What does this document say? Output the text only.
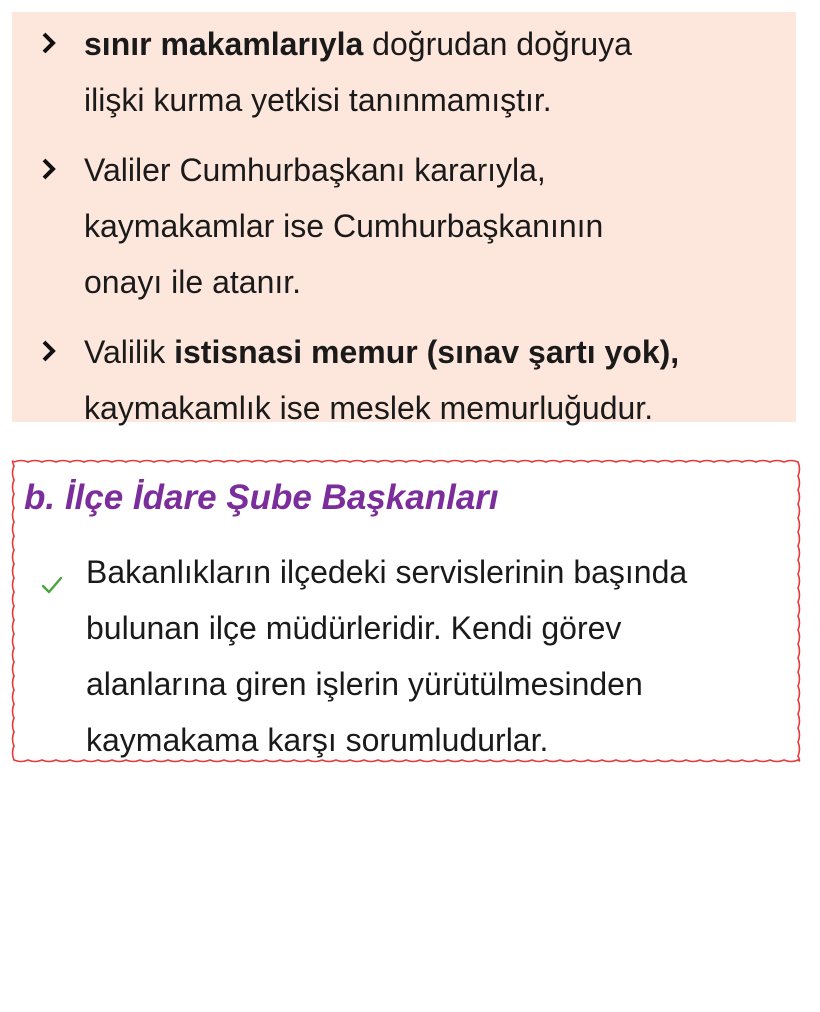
sınır makamlarıyla doğrudan doğruya
ilişki kurma yetkisi tanınmamıştır.
Valiler Cumhurbaşkanı kararıyla,
kaymakamlar ise Cumhurbaşkanının
onayı ile atanır.
Valilik istisnasi memur (sınav şartı yok),
kaymakamlık ise meslek memurluğudur.
b. İlçe İdare Şube Başkanları
Bakanlıkların ilçedeki servislerinin başında
bulunan ilçe müdürleridir. Kendi görev
alanlarına giren işlerin yürütülmesinden
kaymakama karşı sorumludurlar.
